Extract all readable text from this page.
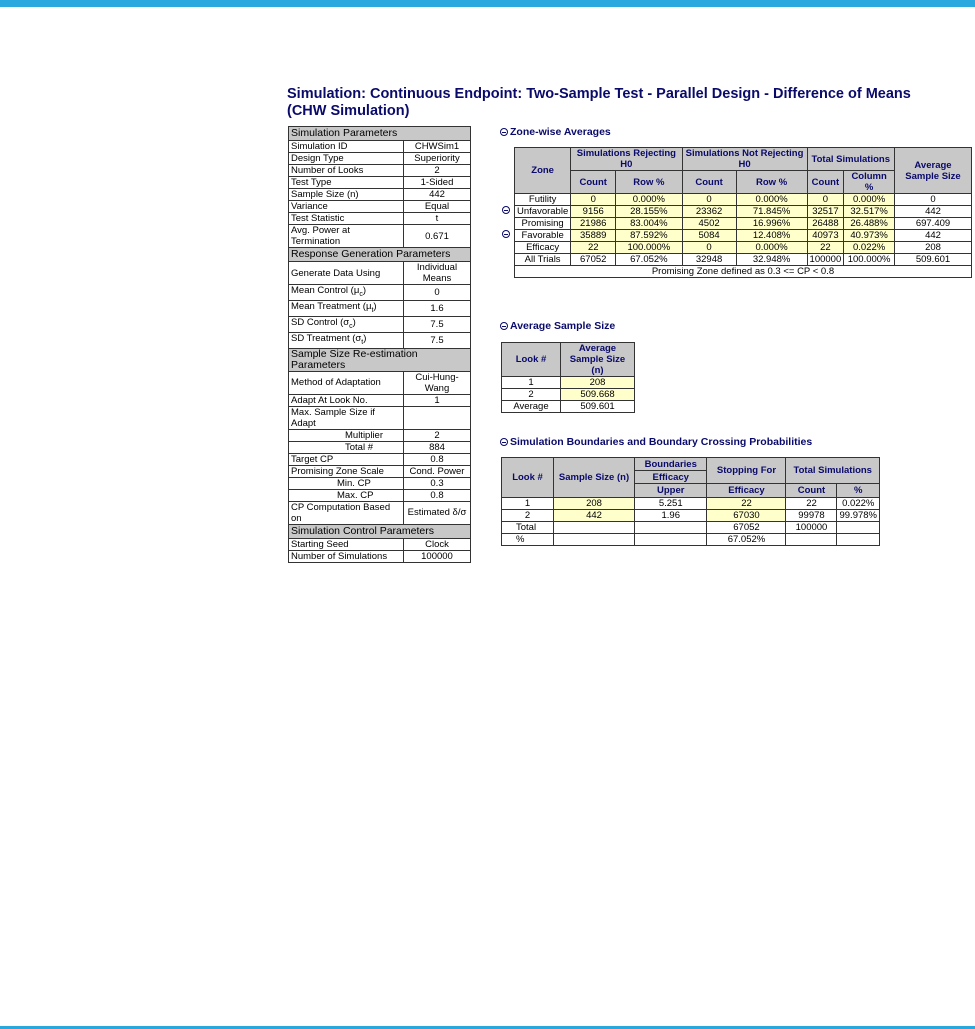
Simulation: Continuous Endpoint: Two-Sample Test - Parallel Design - Difference of Means (CHW Simulation)
Simulation Parameters	
Simulation ID	CHWSim1
Design Type	Superiority
Number of Looks	2
Test Type	1-Sided
Sample Size (n)	442
Variance	Equal
Test Statistic	t
Avg. Power at Termination	0.671
Response Generation Parameters	
Generate Data Using	Individual Means
Mean Control $(\mu_c)$	0
Mean Treatment $(\mu_t)$	1.6
SD Control $(\sigma_c)$	7.5
SD Treatment $(\sigma_t)$	7.5
Sample Size Re-estimation Parameters	
Method of Adaptation	Cui-Hung-Wang
Adapt At Look No.	1
Max. Sample Size if Adapt	
Multiplier	2
Total #	884
Target CP	0.8
Promising Zone Scale	Cond. Power
Min. CP	0.3
Max. CP	0.8
CP Computation Based on	Estimated δ/σ
Simulation Control Parameters	
Starting Seed	Clock
Number of Simulations	100000
Zone-wise Averages
	Zone	Simulations Rejecting H0		Simulations Not Rejecting H0		Total Simulations		Average Sample Size
		Count	Row %	Count	Row %	Count	Column %	
	Futility	0	0.000%	0	0.000%	0	0.000%	0
	Unfavorable	9156	28.155%	23362	71.845%	32517	32.517%	442
	Promising	21986	83.004%	4502	16.996%	26488	26.488%	697.409
	Favorable	35889	87.592%	5084	12.408%	40973	40.973%	442
	Efficacy	22	100.000%	0	0.000%	22	0.022%	208
	All Trials	67052	67.052%	32948	32.948%	100000	100.000%	509.601
	Promising Zone defined as 0.3 <= CP < 0.8							
Average Sample Size
Look #	Average Sample Size (n)
1	208
2	509.668
Average	509.601
Simulation Boundaries and Boundary Crossing Probabilities
Look #	Sample Size (n)	Boundaries	Stopping For	Total Simulations	
		Efficacy			
		Upper	Efficacy	Count	%
1	208	5.251	22	22	0.022%
2	442	1.96	67030	99978	99.978%
Total			67052	100000	
%			67.052%		
